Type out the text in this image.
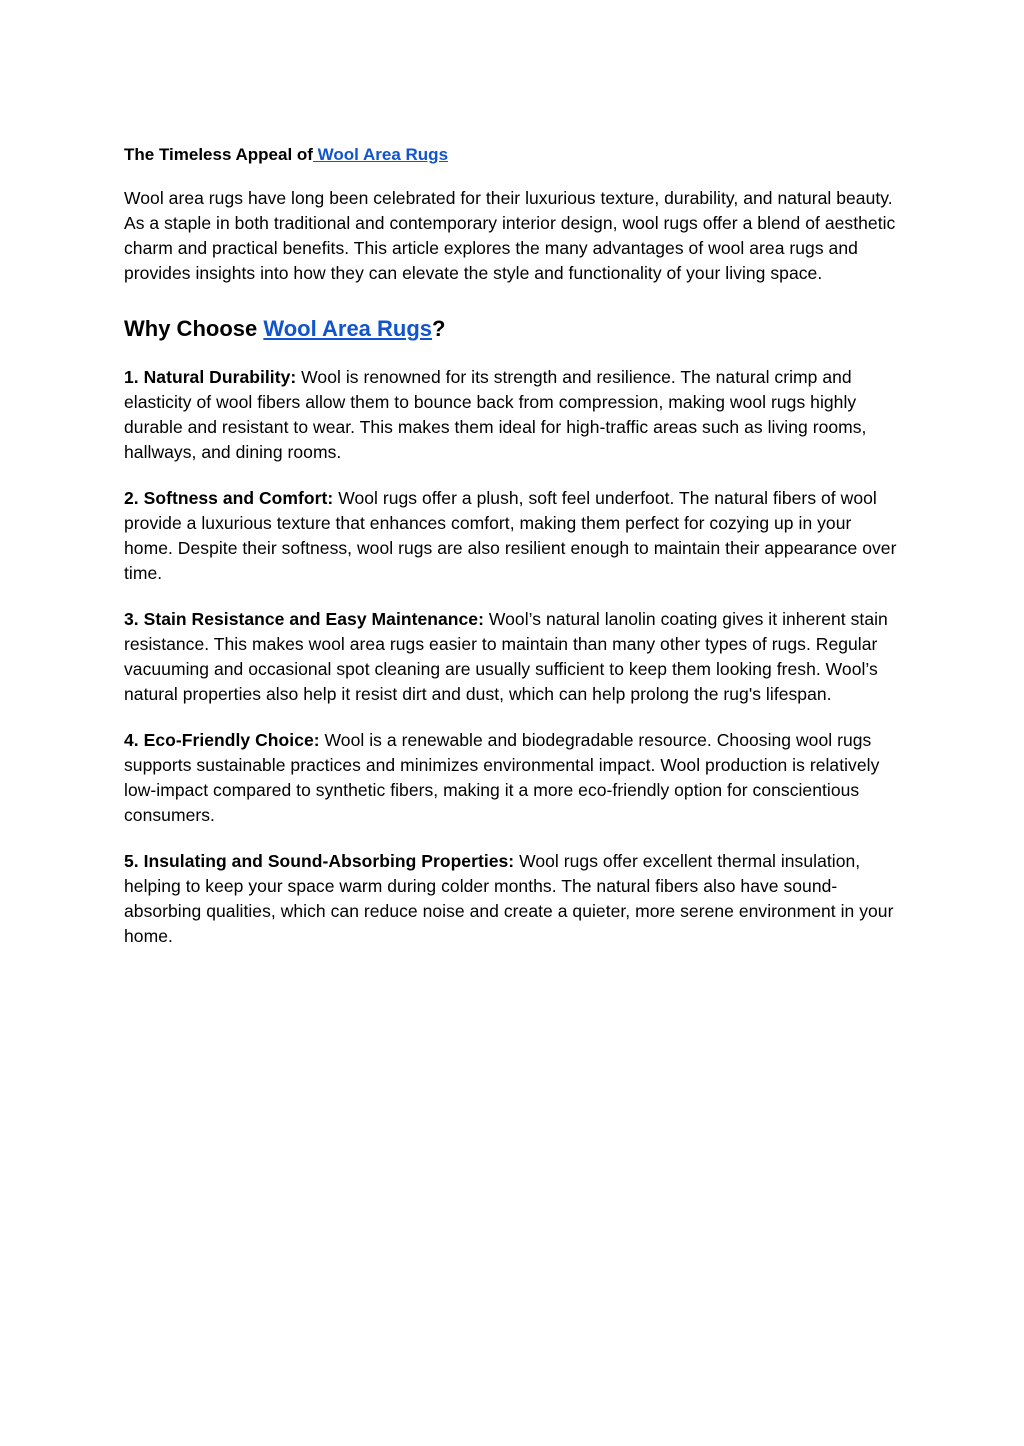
The Timeless Appeal of Wool Area Rugs

Wool area rugs have long been celebrated for their luxurious texture, durability, and natural beauty. As a staple in both traditional and contemporary interior design, wool rugs offer a blend of aesthetic charm and practical benefits. This article explores the many advantages of wool area rugs and provides insights into how they can elevate the style and functionality of your living space.

Why Choose Wool Area Rugs?

1. Natural Durability: Wool is renowned for its strength and resilience. The natural crimp and elasticity of wool fibers allow them to bounce back from compression, making wool rugs highly durable and resistant to wear. This makes them ideal for high-traffic areas such as living rooms, hallways, and dining rooms.

2. Softness and Comfort: Wool rugs offer a plush, soft feel underfoot. The natural fibers of wool provide a luxurious texture that enhances comfort, making them perfect for cozying up in your home. Despite their softness, wool rugs are also resilient enough to maintain their appearance over time.

3. Stain Resistance and Easy Maintenance: Wool’s natural lanolin coating gives it inherent stain resistance. This makes wool area rugs easier to maintain than many other types of rugs. Regular vacuuming and occasional spot cleaning are usually sufficient to keep them looking fresh. Wool’s natural properties also help it resist dirt and dust, which can help prolong the rug's lifespan.

4. Eco-Friendly Choice: Wool is a renewable and biodegradable resource. Choosing wool rugs supports sustainable practices and minimizes environmental impact. Wool production is relatively low-impact compared to synthetic fibers, making it a more eco-friendly option for conscientious consumers.

5. Insulating and Sound-Absorbing Properties: Wool rugs offer excellent thermal insulation, helping to keep your space warm during colder months. The natural fibers also have sound-absorbing qualities, which can reduce noise and create a quieter, more serene environment in your home.
